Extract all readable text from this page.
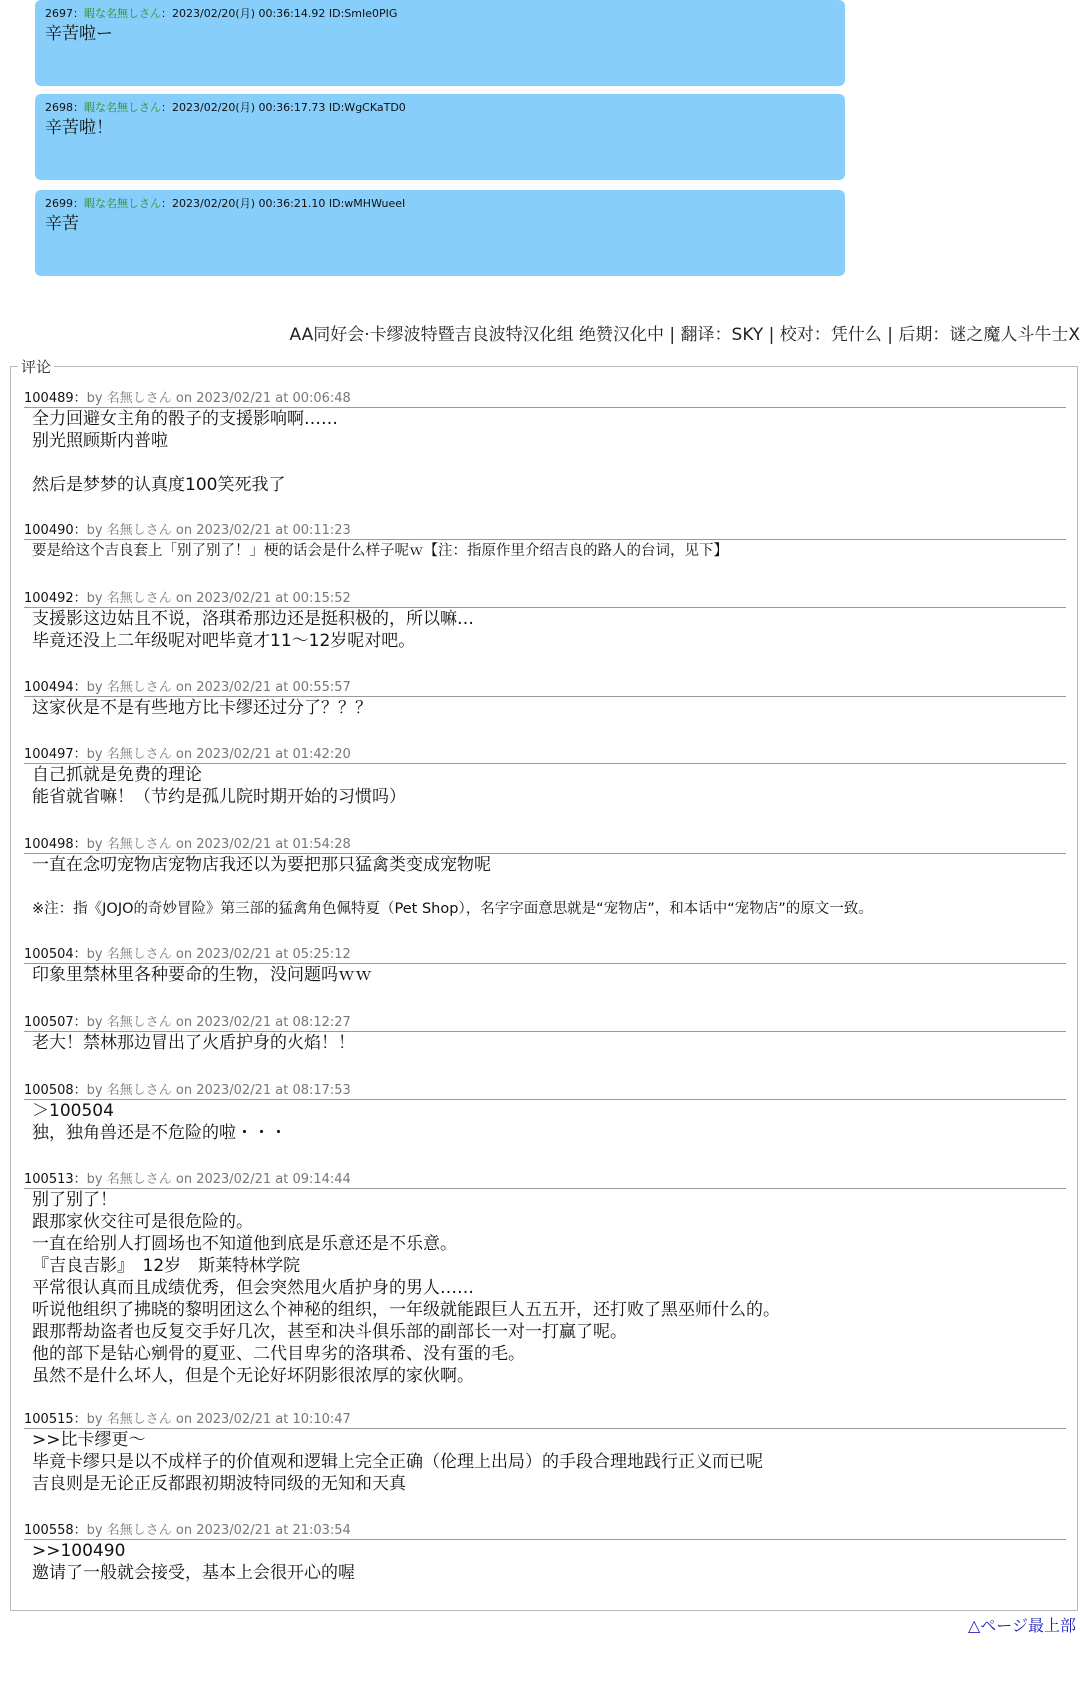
2697：暇な名無しさん：2023/02/20(月) 00:36:14.92 ID:SmIe0PIG
辛苦啦ー
2698：暇な名無しさん：2023/02/20(月) 00:36:17.73 ID:WgCKaTD0
辛苦啦！
2699：暇な名無しさん：2023/02/20(月) 00:36:21.10 ID:wMHWueeI
辛苦
AA同好会·卡缪波特暨吉良波特汉化组 绝赞汉化中 | 翻译：SKY | 校对：凭什么 | 后期：谜之魔人斗牛士X
评论
100489：by 名無しさん on 2023/02/21 at 00:06:48
全力回避女主角的骰子的支援影响啊……
别光照顾斯内普啦
然后是梦梦的认真度100笑死我了
100490：by 名無しさん on 2023/02/21 at 00:11:23
要是给这个吉良套上「别了别了！」梗的话会是什么样子呢ｗ【注：指原作里介绍吉良的路人的台词，见下】
100492：by 名無しさん on 2023/02/21 at 00:15:52
支援影这边姑且不说，洛琪希那边还是挺积极的，所以嘛…
毕竟还没上二年级呢对吧毕竟才11～12岁呢对吧。
100494：by 名無しさん on 2023/02/21 at 00:55:57
这家伙是不是有些地方比卡缪还过分了？？？
100497：by 名無しさん on 2023/02/21 at 01:42:20
自己抓就是免费的理论
能省就省嘛！（节约是孤儿院时期开始的习惯吗）
100498：by 名無しさん on 2023/02/21 at 01:54:28
一直在念叨宠物店宠物店我还以为要把那只猛禽类变成宠物呢
※注：指《JOJO的奇妙冒险》第三部的猛禽角色佩特夏（Pet Shop），名字字面意思就是“宠物店”，和本话中“宠物店”的原文一致。
100504：by 名無しさん on 2023/02/21 at 05:25:12
印象里禁林里各种要命的生物，没问题吗ｗｗ
100507：by 名無しさん on 2023/02/21 at 08:12:27
老大！禁林那边冒出了火盾护身的火焰！！
100508：by 名無しさん on 2023/02/21 at 08:17:53
＞100504
独，独角兽还是不危险的啦・・・
100513：by 名無しさん on 2023/02/21 at 09:14:44
别了别了！
跟那家伙交往可是很危险的。
一直在给别人打圆场也不知道他到底是乐意还是不乐意。
『吉良吉影』　12岁　斯莱特林学院
平常很认真而且成绩优秀，但会突然甩火盾护身的男人……
听说他组织了拂晓的黎明团这么个神秘的组织，一年级就能跟巨人五五开，还打败了黑巫师什么的。
跟那帮劫盗者也反复交手好几次，甚至和决斗俱乐部的副部长一对一打赢了呢。
他的部下是钻心剜骨的夏亚、二代目卑劣的洛琪希、没有蛋的毛。
虽然不是什么坏人，但是个无论好坏阴影很浓厚的家伙啊。
100515：by 名無しさん on 2023/02/21 at 10:10:47
>>比卡缪更～
毕竟卡缪只是以不成样子的价值观和逻辑上完全正确（伦理上出局）的手段合理地践行正义而已呢
吉良则是无论正反都跟初期波特同级的无知和天真
100558：by 名無しさん on 2023/02/21 at 21:03:54
>>100490
邀请了一般就会接受，基本上会很开心的喔
△ページ最上部
